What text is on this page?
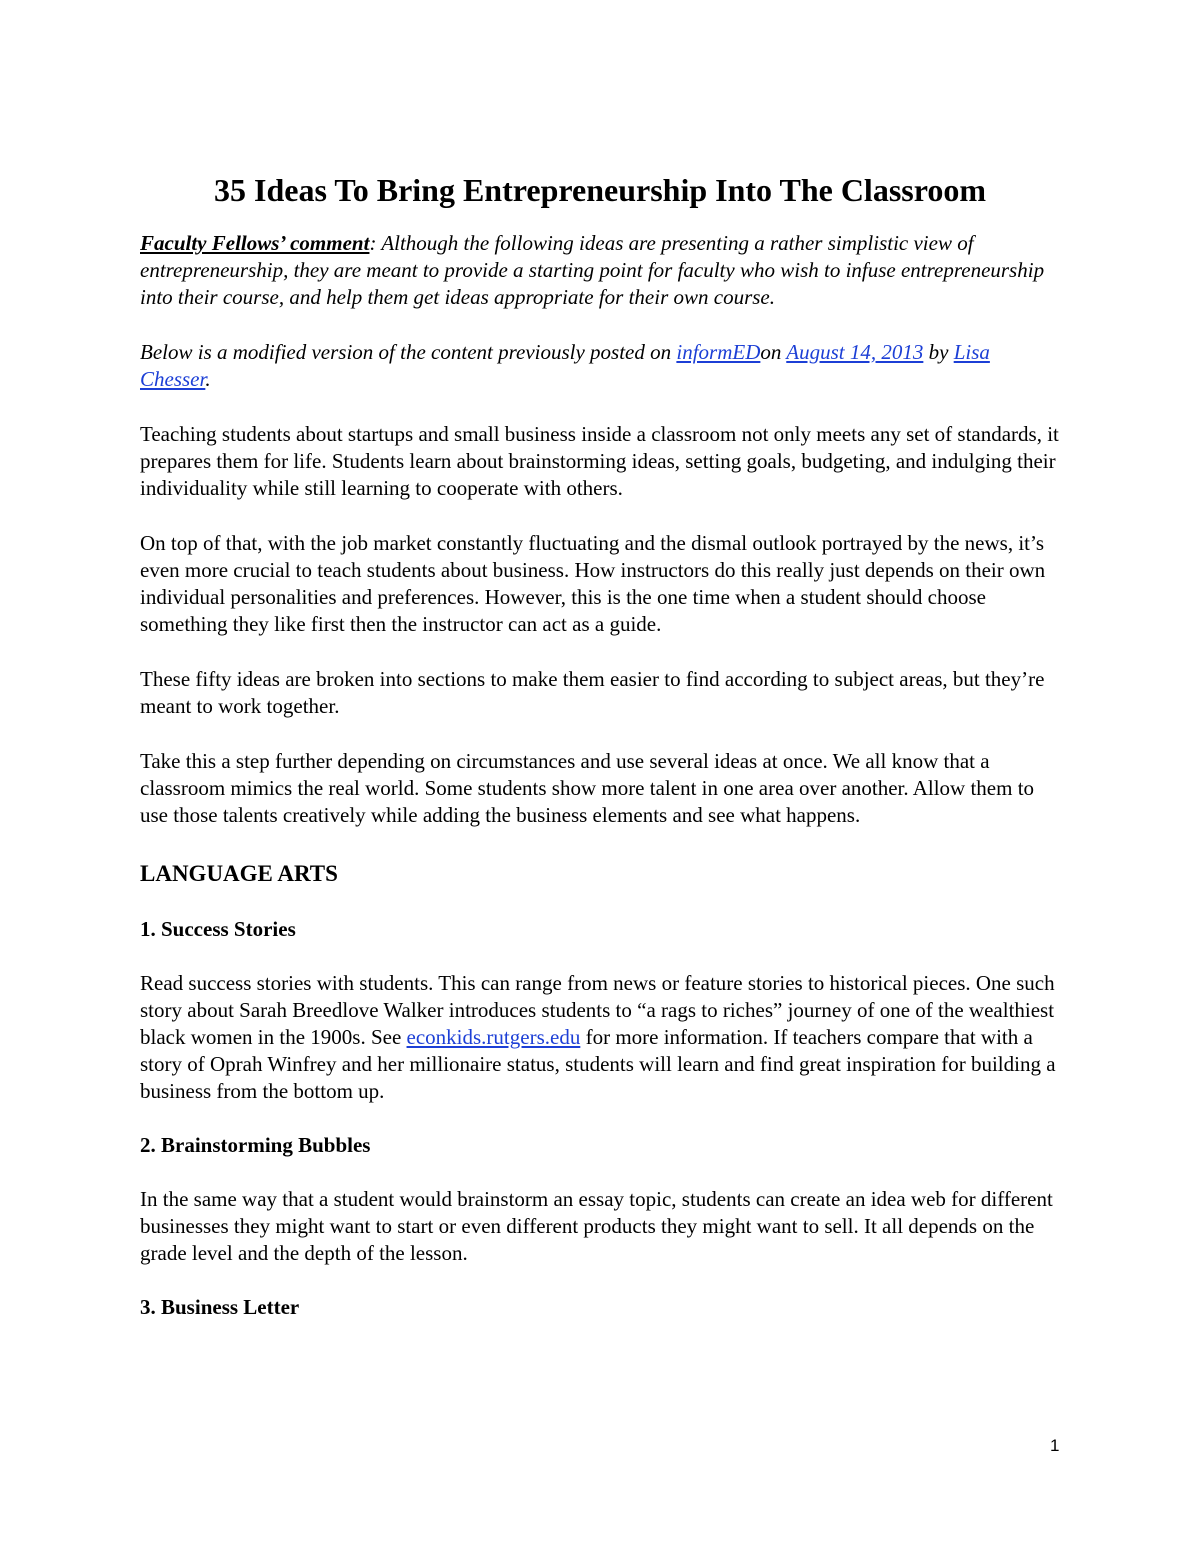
35 Ideas To Bring Entrepreneurship Into The Classroom

Faculty Fellows’ comment: Although the following ideas are presenting a rather simplistic view of entrepreneurship, they are meant to provide a starting point for faculty who wish to infuse entrepreneurship into their course, and help them get ideas appropriate for their own course.

Below is a modified version of the content previously posted on informEDon August 14, 2013 by Lisa Chesser.

Teaching students about startups and small business inside a classroom not only meets any set of standards, it prepares them for life. Students learn about brainstorming ideas, setting goals, budgeting, and indulging their individuality while still learning to cooperate with others.

On top of that, with the job market constantly fluctuating and the dismal outlook portrayed by the news, it’s even more crucial to teach students about business. How instructors do this really just depends on their own individual personalities and preferences. However, this is the one time when a student should choose something they like first then the instructor can act as a guide.

These fifty ideas are broken into sections to make them easier to find according to subject areas, but they’re meant to work together.

Take this a step further depending on circumstances and use several ideas at once. We all know that a classroom mimics the real world. Some students show more talent in one area over another. Allow them to use those talents creatively while adding the business elements and see what happens.

LANGUAGE ARTS
1. Success Stories

Read success stories with students. This can range from news or feature stories to historical pieces. One such story about Sarah Breedlove Walker introduces students to “a rags to riches” journey of one of the wealthiest black women in the 1900s. See econkids.rutgers.edu for more information. If teachers compare that with a story of Oprah Winfrey and her millionaire status, students will learn and find great inspiration for building a business from the bottom up.

2. Brainstorming Bubbles

In the same way that a student would brainstorm an essay topic, students can create an idea web for different businesses they might want to start or even different products they might want to sell. It all depends on the grade level and the depth of the lesson.

3. Business Letter
1
